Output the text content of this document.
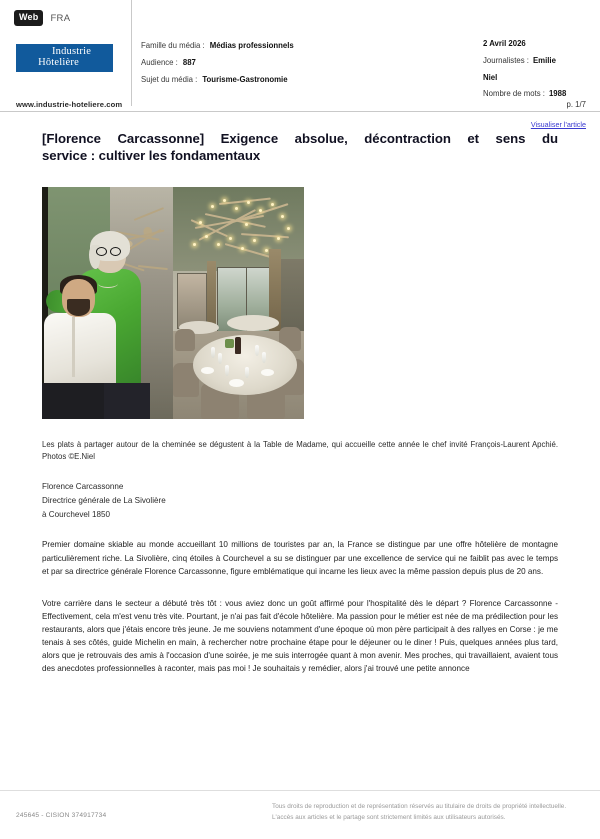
Web	FRA
Industrie
Hôtelière
www.industrie-hoteliere.com
Famille du média : Médias professionnels
Audience : 887
Sujet du média : Tourisme-Gastronomie
2 Avril 2026
Journalistes : Emilie
Niel
Nombre de mots : 1988
p. 1/7
Visualiser l'article
[Florence Carcassonne] Exigence absolue, décontraction et sens du
service : cultiver les fondamentaux

Les plats à partager autour de la cheminée se dégustent à la Table de Madame, qui accueille cette année le chef invité François-Laurent Apchié. Photos ©E.Niel

Florence Carcassonne
Directrice générale de La Sivolière
à Courchevel 1850

Premier domaine skiable au monde accueillant 10 millions de touristes par an, la France se distingue par une offre hôtelière de montagne particulièrement riche. La Sivolière, cinq étoiles à Courchevel a su se distinguer par une excellence de service qui ne faiblit pas avec le temps et par sa directrice générale Florence Carcassonne, figure emblématique qui incarne les lieux avec la même passion depuis plus de 20 ans.

Votre carrière dans le secteur a débuté très tôt : vous aviez donc un goût affirmé pour l'hospitalité dès le départ ? Florence Carcassonne - Effectivement, cela m'est venu très vite. Pourtant, je n'ai pas fait d'école hôtelière. Ma passion pour le métier est née de ma prédilection pour les restaurants, alors que j'étais encore très jeune. Je me souviens notamment d'une époque où mon père participait à des rallyes en Corse : je me tenais à ses côtés, guide Michelin en main, à rechercher notre prochaine étape pour le déjeuner ou le diner ! Puis, quelques années plus tard, alors que je retrouvais des amis à l'occasion d'une soirée, je me suis interrogée quant à mon avenir. Mes proches, qui travaillaient, avaient tous des anecdotes professionnelles à raconter, mais pas moi ! Je souhaitais y remédier, alors j'ai trouvé une petite annonce

245645 - CISION 374917734
Tous droits de reproduction et de représentation réservés au titulaire de droits de propriété intellectuelle.
L'accès aux articles et le partage sont strictement limités aux utilisateurs autorisés.
